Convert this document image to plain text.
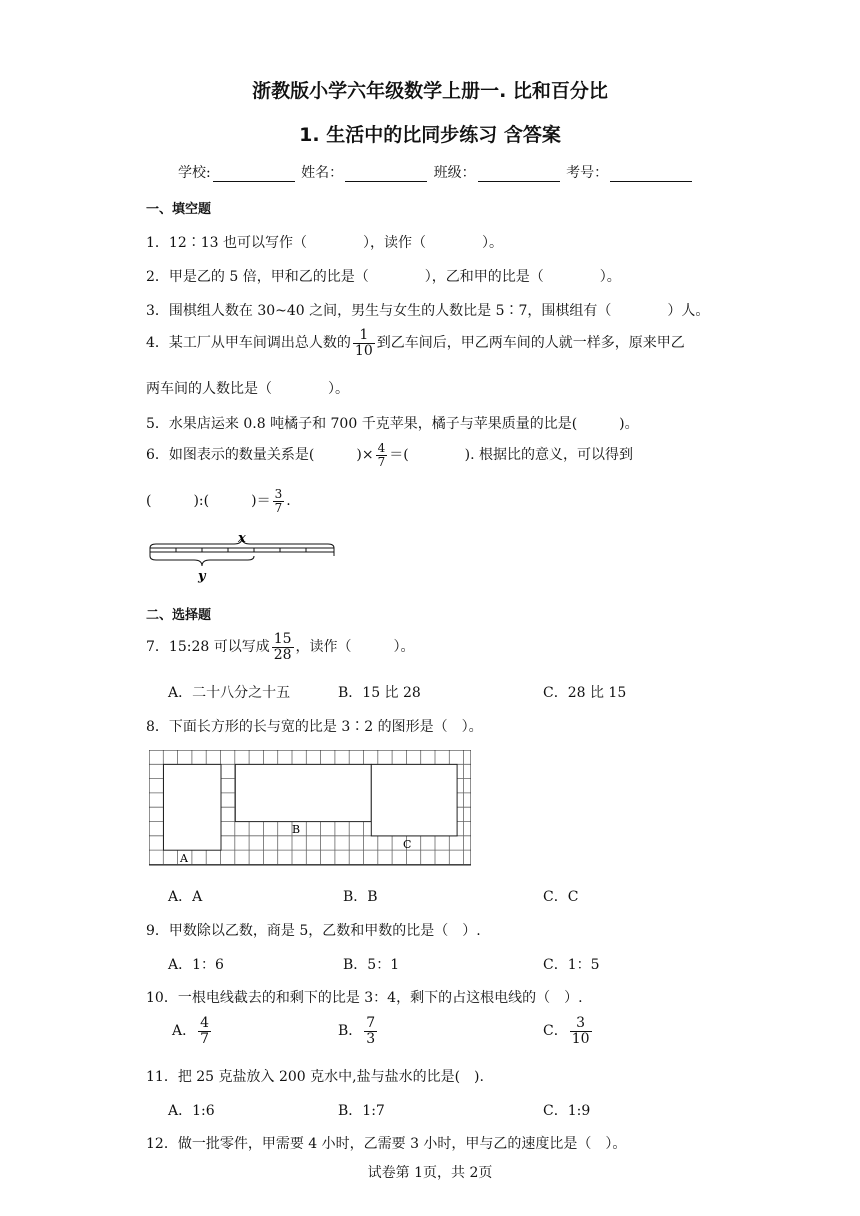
浙教版小学六年级数学上册一. 比和百分比
1. 生活中的比同步练习 含答案
学校:	姓名：	班级：	考号：
一、填空题
1．12∶13 也可以写作（　　　　），读作（　　　　）。
2．甲是乙的 5 倍，甲和乙的比是（　　　　），乙和甲的比是（　　　　）。
3．围棋组人数在 30~40 之间，男生与女生的人数比是 5∶7，围棋组有（　　　　）人。
4．某工厂从甲车间调出总人数的 $\frac{1}{10}$ 到乙车间后，甲乙两车间的人就一样多，原来甲乙
两车间的人数比是（　　　　）。
5．水果店运来 0.8 吨橘子和 700 千克苹果，橘子与苹果质量的比是(　　　)。
6．如图表示的数量关系是(　　　)× $\frac{4}{7}$ ＝(　　　　). 根据比的意义，可以得到
(　　　):(　　　)＝ $\frac{3}{7}$ .
x
y
二、选择题
7．15:28 可以写成 $\frac{15}{28}$ ，读作（　　　）。
A．二十八分之十五	B．15 比 28	C．28 比 15
8．下面长方形的长与宽的比是 3∶2 的图形是（　）。
A
B
C
A．A	B．B	C．C
9．甲数除以乙数，商是 5，乙数和甲数的比是（　）.
A．1：6	B．5：1	C．1：5
10．一根电线截去的和剩下的比是 3：4，剩下的占这根电线的（　）.
A． $\frac{4}{7}$	B． $\frac{7}{3}$	C． $\frac{3}{10}$
11．把 25 克盐放入 200 克水中,盐与盐水的比是(　).
A．1:6	B．1:7	C．1:9
12．做一批零件，甲需要 4 小时，乙需要 3 小时，甲与乙的速度比是（　）。
试卷第 1页，共 2页
